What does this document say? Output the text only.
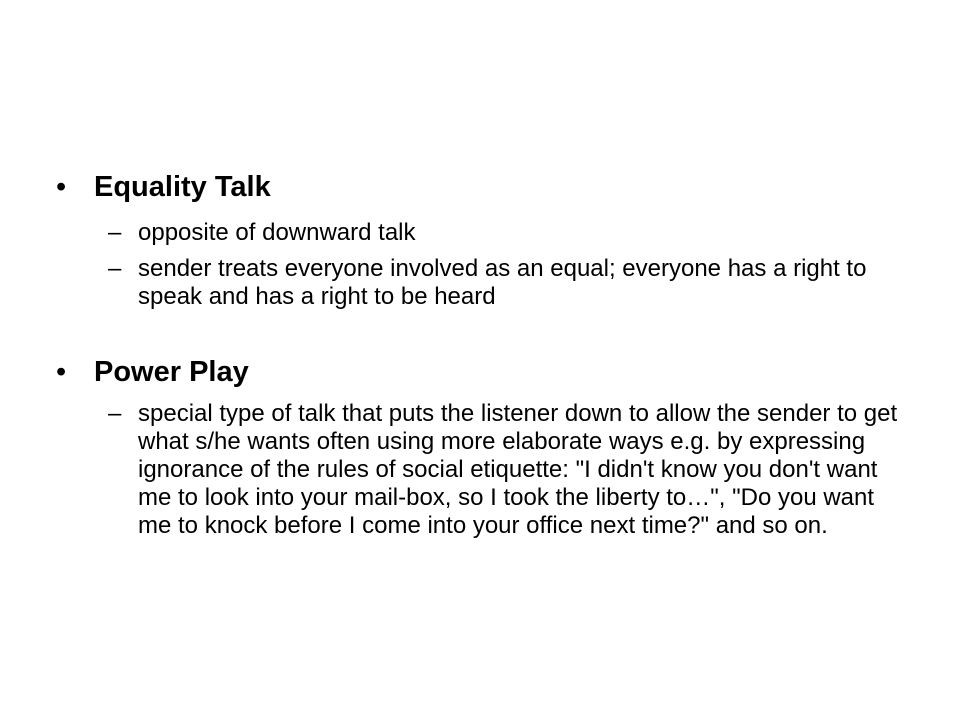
• Equality Talk
– opposite of downward talk
– sender treats everyone involved as an equal; everyone has a right to speak and has a right to be heard
• Power Play
– special type of talk that puts the listener down to allow the sender to get what s/he wants often using more elaborate ways e.g. by expressing ignorance of the rules of social etiquette: "I didn't know you don't want me to look into your mail-box, so I took the liberty to…", "Do you want me to knock before I come into your office next time?" and so on.
